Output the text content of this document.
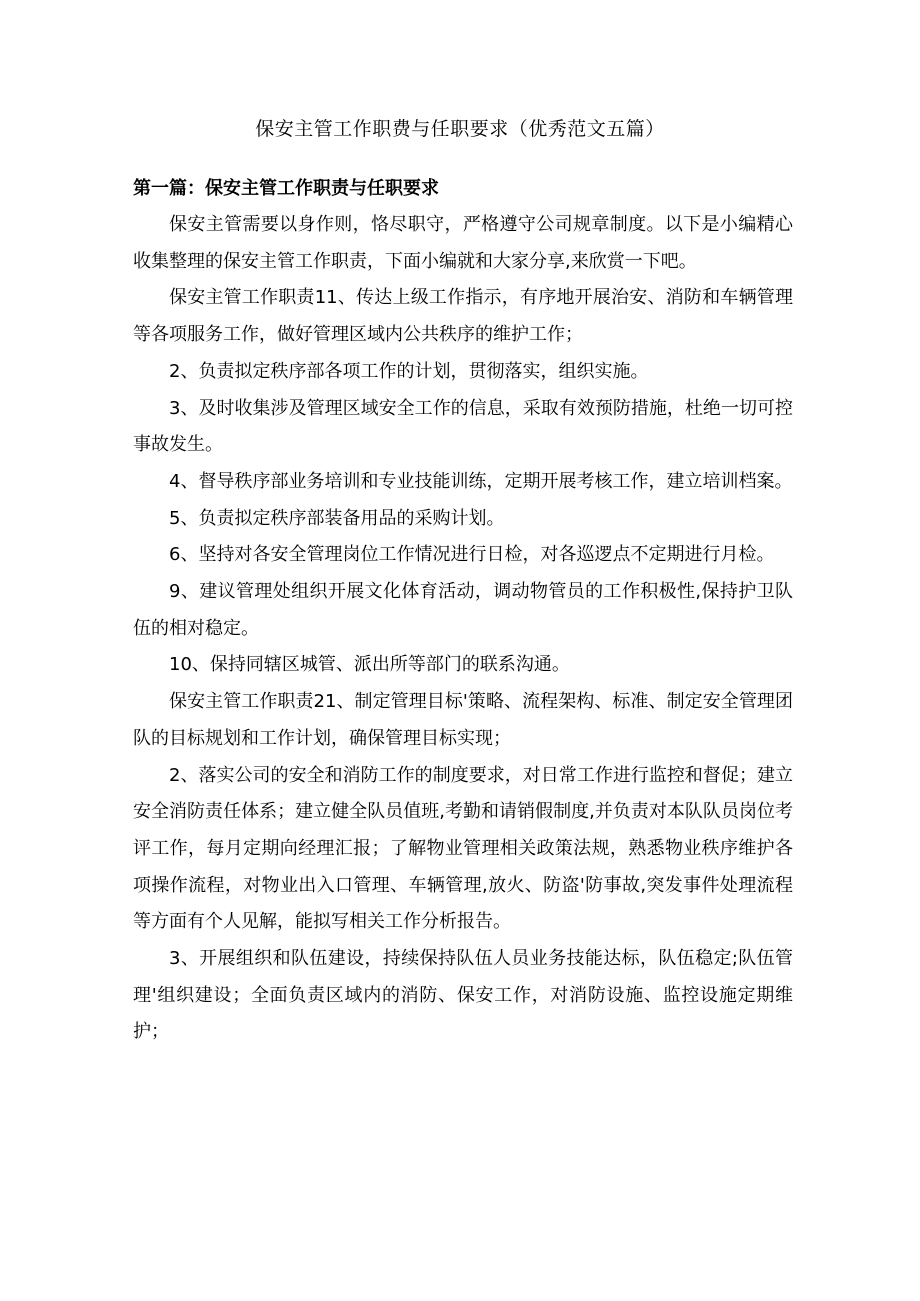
保安主管工作职费与任职要求（优秀范文五篇）
第一篇：保安主管工作职责与任职要求

保安主管需要以身作则，恪尽职守，严格遵守公司规章制度。以下是小编精心收集整理的保安主管工作职责，下面小编就和大家分享,来欣赏一下吧。

保安主管工作职责11、传达上级工作指示，有序地开展治安、消防和车辆管理等各项服务工作，做好管理区域内公共秩序的维护工作；

2、负责拟定秩序部各项工作的计划，贯彻落实，组织实施。

3、及时收集涉及管理区域安全工作的信息，采取有效预防措施，杜绝一切可控事故发生。

4、督导秩序部业务培训和专业技能训练，定期开展考核工作，建立培训档案。

5、负责拟定秩序部装备用品的采购计划。

6、坚持对各安全管理岗位工作情况进行日检，对各巡逻点不定期进行月检。

9、建议管理处组织开展文化体育活动，调动物管员的工作积极性,保持护卫队伍的相对稳定。

10、保持同辖区城管、派出所等部门的联系沟通。

保安主管工作职责21、制定管理目标'策略、流程架构、标准、制定安全管理团队的目标规划和工作计划，确保管理目标实现；

2、落实公司的安全和消防工作的制度要求，对日常工作进行监控和督促；建立安全消防责任体系；建立健全队员值班,考勤和请销假制度,并负责对本队队员岗位考评工作，每月定期向经理汇报；了解物业管理相关政策法规，熟悉物业秩序维护各项操作流程，对物业出入口管理、车辆管理,放火、防盗'防事故,突发事件处理流程等方面有个人见解，能拟写相关工作分析报告。

3、开展组织和队伍建设，持续保持队伍人员业务技能达标，队伍稳定;队伍管理'组织建设；全面负责区域内的消防、保安工作，对消防设施、监控设施定期维护；
